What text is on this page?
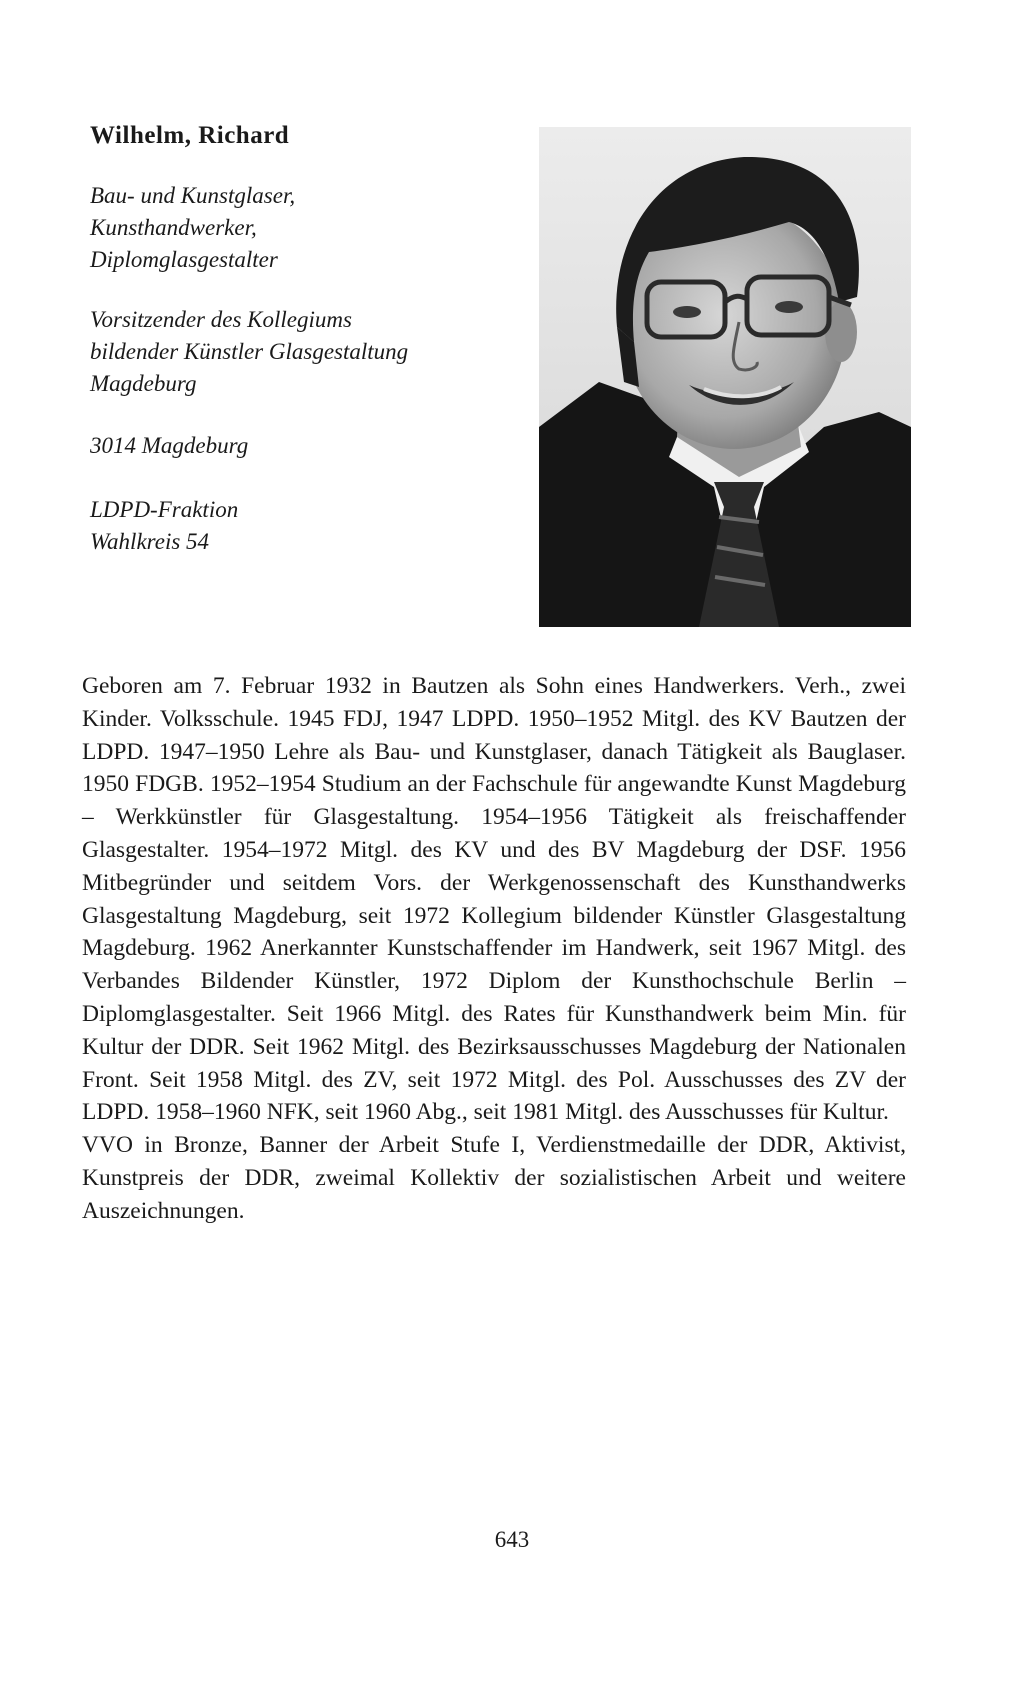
Wilhelm, Richard

Bau- und Kunstglaser,

Kunsthandwerker,

Diplomglasgestalter

Vorsitzender des Kollegiums

bildender Künstler Glasgestaltung

Magdeburg

3014 Magdeburg

LDPD-Fraktion

Wahlkreis 54

Geboren am 7. Februar 1932 in Bautzen als Sohn eines Handwerkers. Verh., zwei Kinder. Volksschule. 1945 FDJ, 1947 LDPD. 1950–1952 Mitgl. des KV Bautzen der LDPD. 1947–1950 Lehre als Bau- und Kunstglaser, danach Tätigkeit als Bauglaser. 1950 FDGB. 1952–1954 Studium an der Fachschule für angewandte Kunst Magdeburg – Werkkünstler für Glasgestaltung. 1954–1956 Tätigkeit als freischaffender Glasgestalter. 1954–1972 Mitgl. des KV und des BV Magdeburg der DSF. 1956 Mitbegründer und seitdem Vors. der Werkgenossenschaft des Kunsthandwerks Glasgestaltung Magdeburg, seit 1972 Kollegium bildender Künstler Glasgestaltung Magdeburg. 1962 Anerkannter Kunstschaffender im Handwerk, seit 1967 Mitgl. des Verbandes Bildender Künstler, 1972 Diplom der Kunsthochschule Berlin – Diplomglasgestalter. Seit 1966 Mitgl. des Rates für Kunsthandwerk beim Min. für Kultur der DDR. Seit 1962 Mitgl. des Bezirksausschusses Magdeburg der Nationalen Front. Seit 1958 Mitgl. des ZV, seit 1972 Mitgl. des Pol. Ausschusses des ZV der LDPD. 1958–1960 NFK, seit 1960 Abg., seit 1981 Mitgl. des Ausschusses für Kultur.

VVO in Bronze, Banner der Arbeit Stufe I, Verdienstmedaille der DDR, Aktivist, Kunstpreis der DDR, zweimal Kollektiv der sozialistischen Arbeit und weitere Auszeichnungen.

643
